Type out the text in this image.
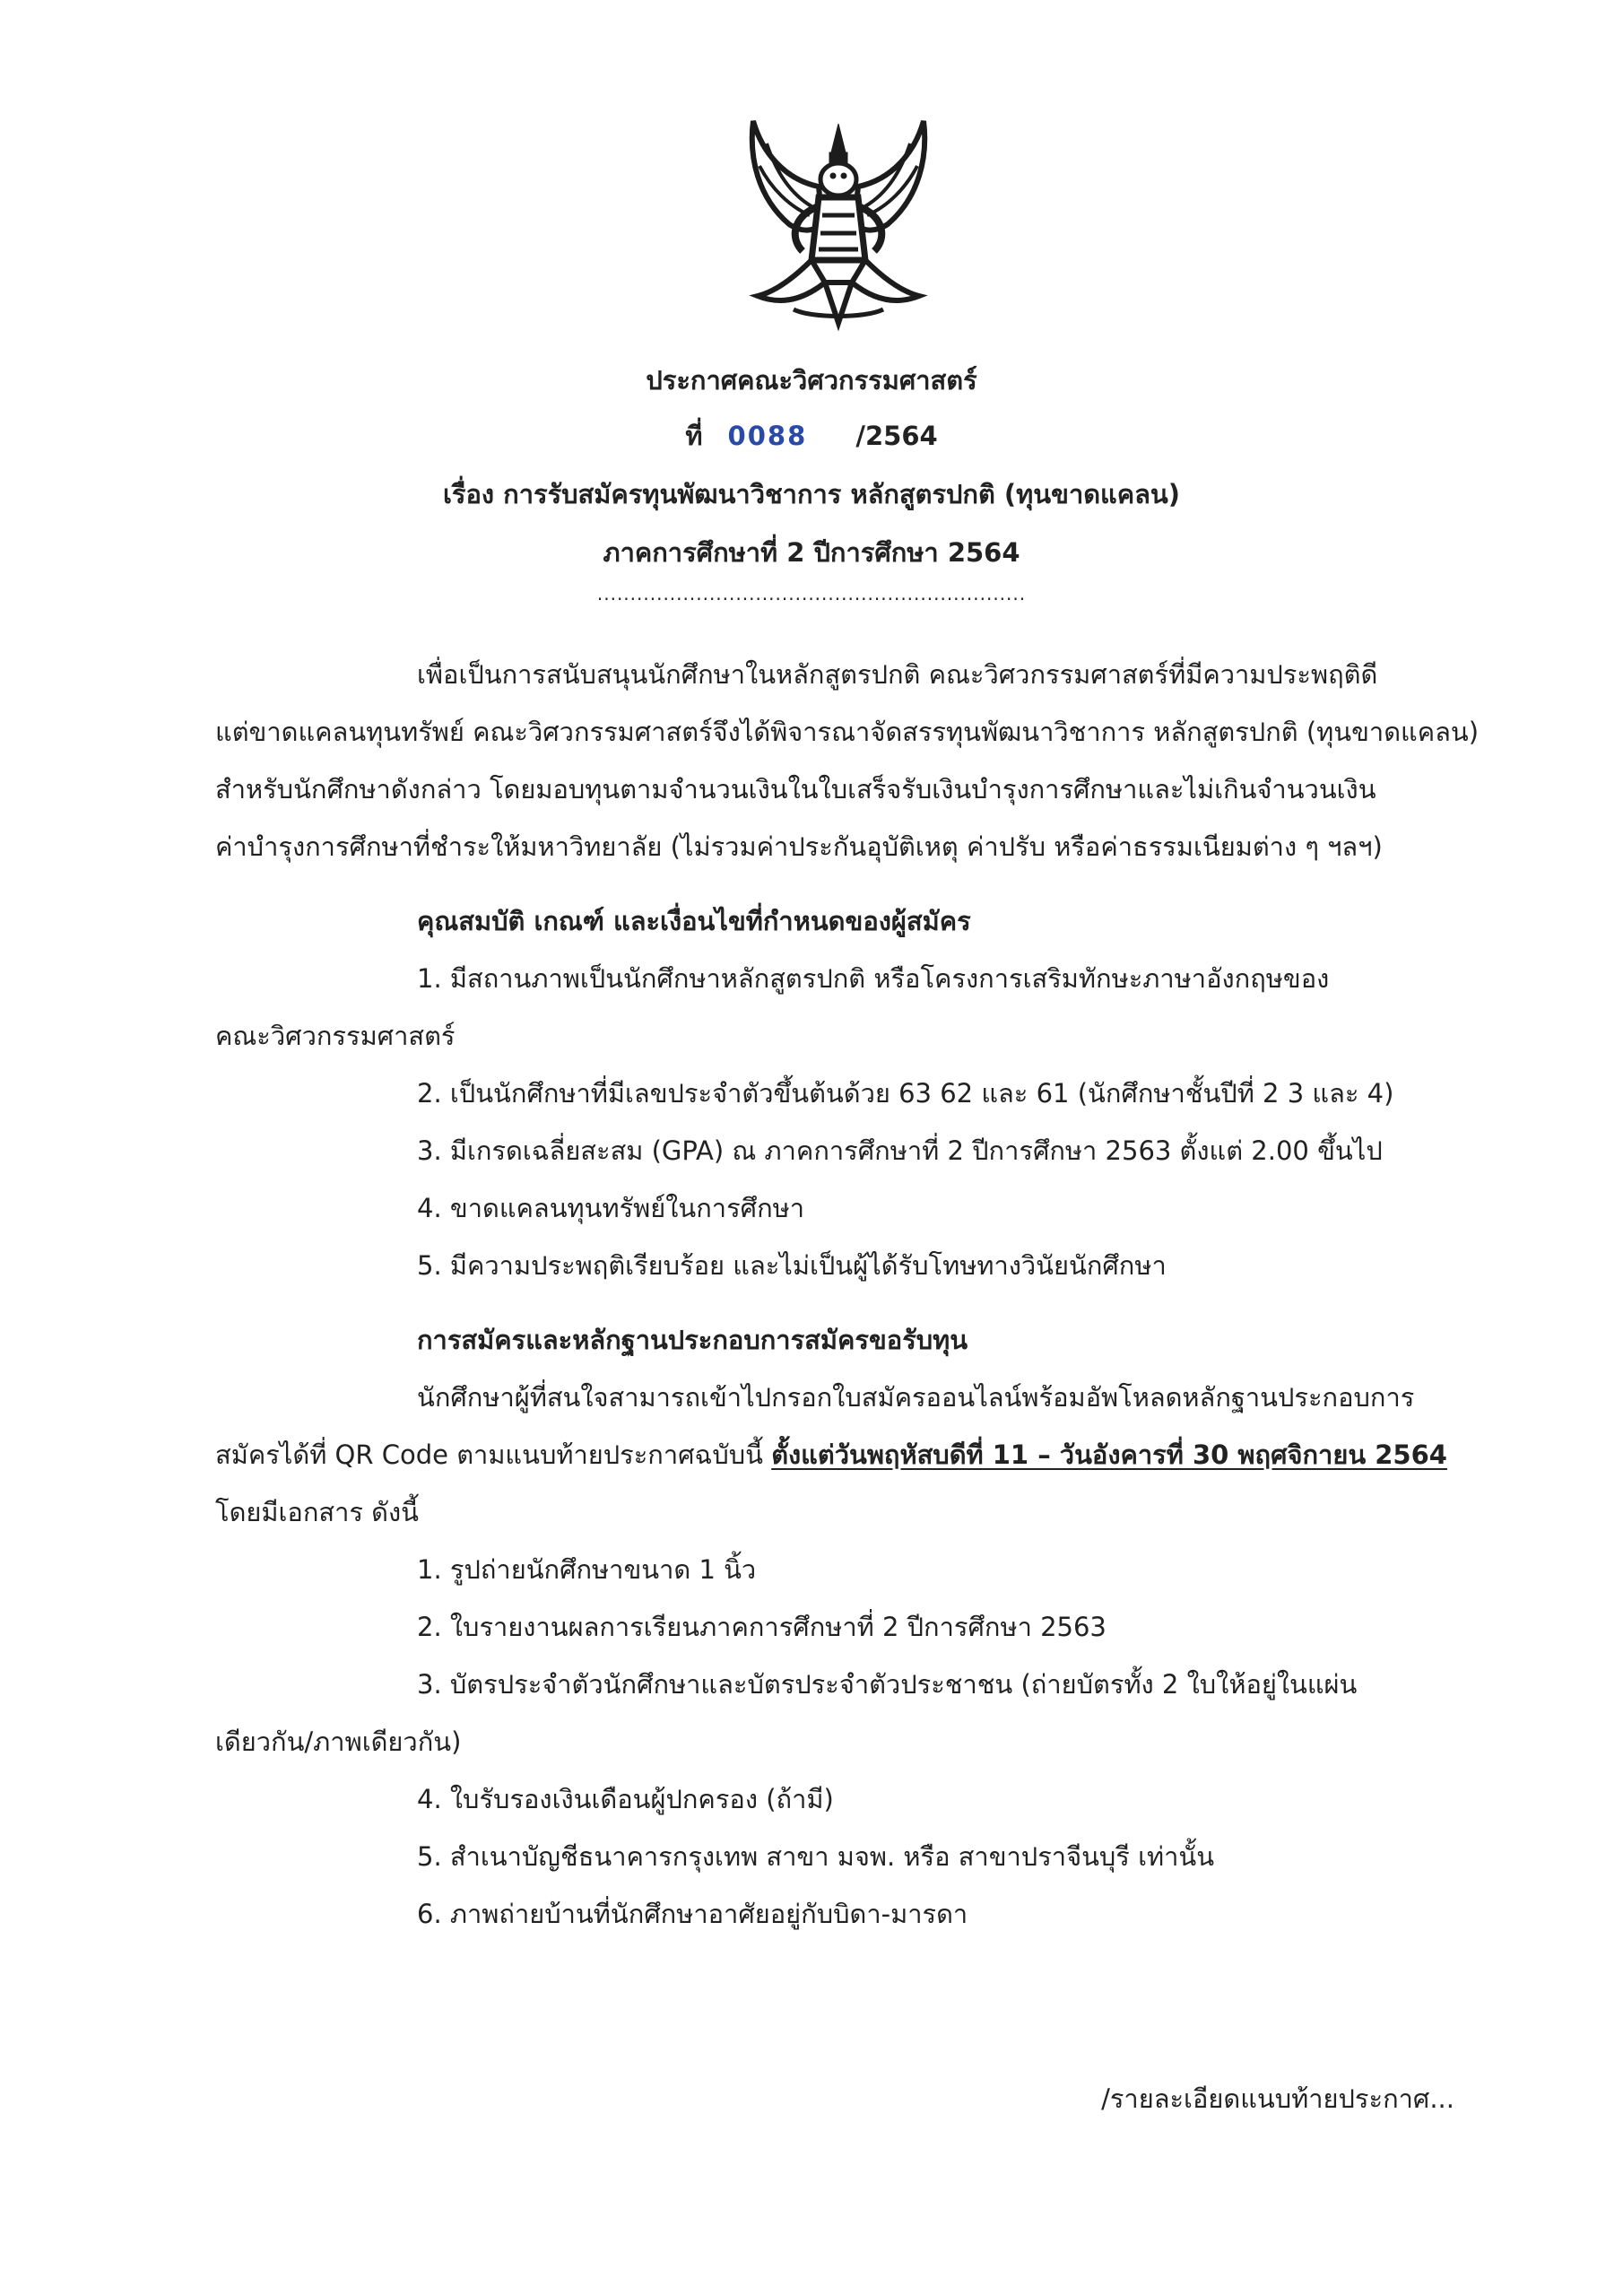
ประกาศคณะวิศวกรรมศาสตร์

ที่ 0088 /2564

เรื่อง การรับสมัครทุนพัฒนาวิชาการ หลักสูตรปกติ (ทุนขาดแคลน)

ภาคการศึกษาที่ 2 ปีการศึกษา 2564

.................................................................

เพื่อเป็นการสนับสนุนนักศึกษาในหลักสูตรปกติ คณะวิศวกรรมศาสตร์ที่มีความประพฤติดี

แต่ขาดแคลนทุนทรัพย์ คณะวิศวกรรมศาสตร์จึงได้พิจารณาจัดสรรทุนพัฒนาวิชาการ หลักสูตรปกติ (ทุนขาดแคลน)

สำหรับนักศึกษาดังกล่าว โดยมอบทุนตามจำนวนเงินในใบเสร็จรับเงินบำรุงการศึกษาและไม่เกินจำนวนเงิน

ค่าบำรุงการศึกษาที่ชำระให้มหาวิทยาลัย (ไม่รวมค่าประกันอุบัติเหตุ ค่าปรับ หรือค่าธรรมเนียมต่าง ๆ ฯลฯ)

คุณสมบัติ เกณฑ์ และเงื่อนไขที่กำหนดของผู้สมัคร

1. มีสถานภาพเป็นนักศึกษาหลักสูตรปกติ หรือโครงการเสริมทักษะภาษาอังกฤษของ

คณะวิศวกรรมศาสตร์

2. เป็นนักศึกษาที่มีเลขประจำตัวขึ้นต้นด้วย 63 62 และ 61 (นักศึกษาชั้นปีที่ 2 3 และ 4)

3. มีเกรดเฉลี่ยสะสม (GPA) ณ ภาคการศึกษาที่ 2 ปีการศึกษา 2563 ตั้งแต่ 2.00 ขึ้นไป

4. ขาดแคลนทุนทรัพย์ในการศึกษา

5. มีความประพฤติเรียบร้อย และไม่เป็นผู้ได้รับโทษทางวินัยนักศึกษา

การสมัครและหลักฐานประกอบการสมัครขอรับทุน

นักศึกษาผู้ที่สนใจสามารถเข้าไปกรอกใบสมัครออนไลน์พร้อมอัพโหลดหลักฐานประกอบการ

สมัครได้ที่ QR Code ตามแนบท้ายประกาศฉบับนี้ ตั้งแต่วันพฤหัสบดีที่ 11 – วันอังคารที่ 30 พฤศจิกายน 2564

โดยมีเอกสาร ดังนี้

1. รูปถ่ายนักศึกษาขนาด 1 นิ้ว

2. ใบรายงานผลการเรียนภาคการศึกษาที่ 2 ปีการศึกษา 2563

3. บัตรประจำตัวนักศึกษาและบัตรประจำตัวประชาชน (ถ่ายบัตรทั้ง 2 ใบให้อยู่ในแผ่น

เดียวกัน/ภาพเดียวกัน)

4. ใบรับรองเงินเดือนผู้ปกครอง (ถ้ามี)

5. สำเนาบัญชีธนาคารกรุงเทพ สาขา มจพ. หรือ สาขาปราจีนบุรี เท่านั้น

6. ภาพถ่ายบ้านที่นักศึกษาอาศัยอยู่กับบิดา-มารดา

/รายละเอียดแนบท้ายประกาศ...
